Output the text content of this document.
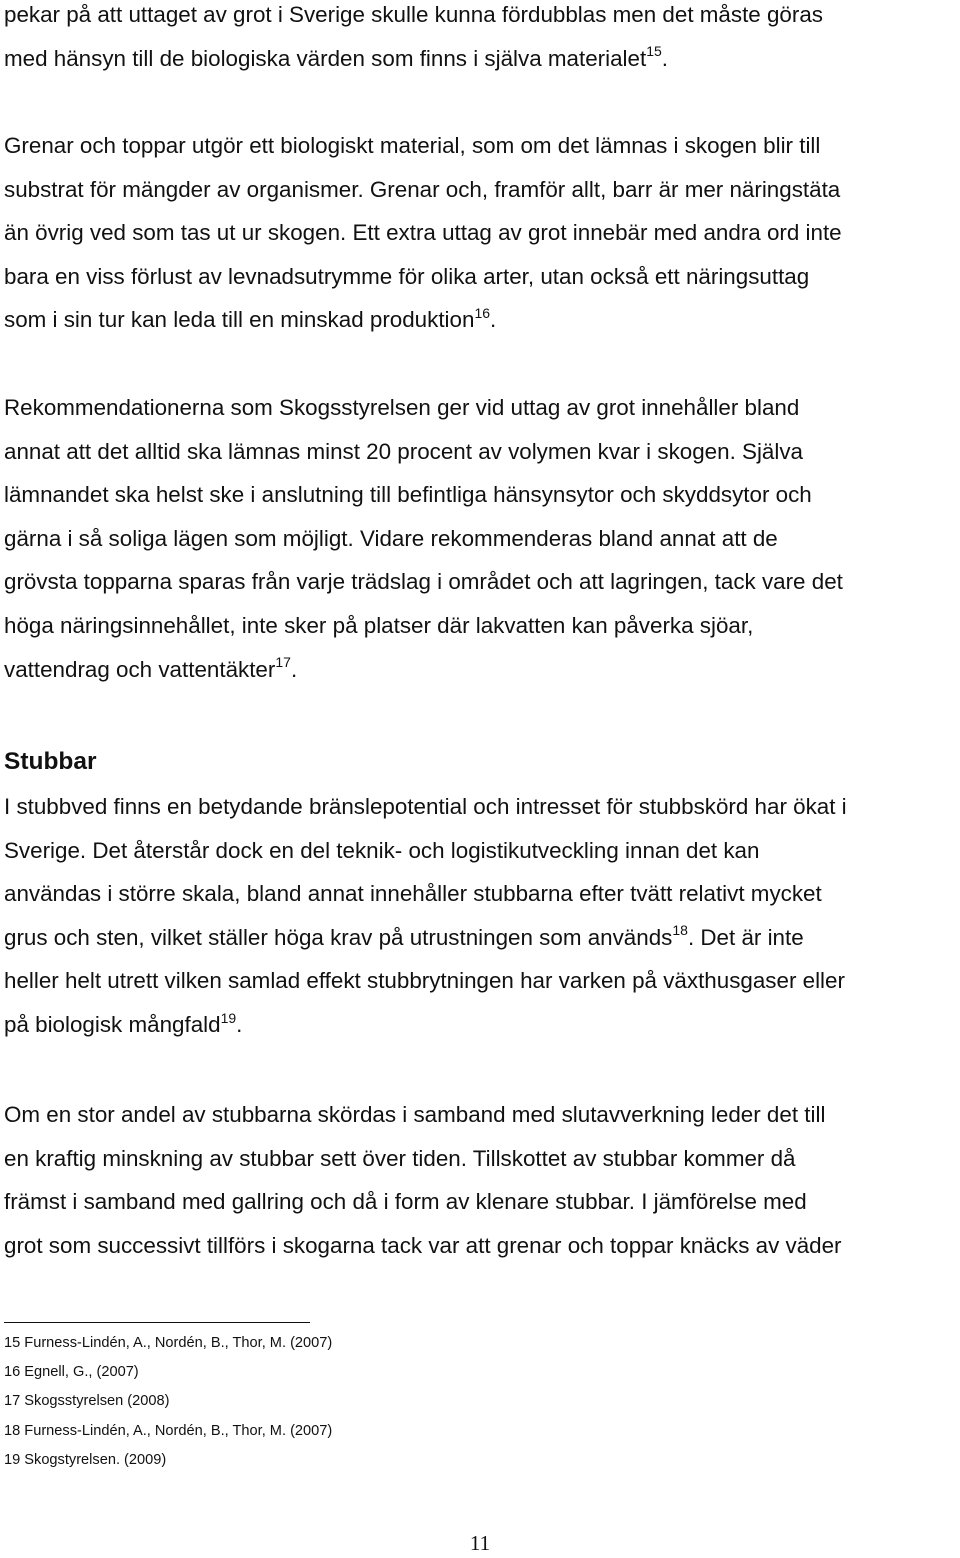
pekar på att uttaget av grot i Sverige skulle kunna fördubblas men det måste göras
med hänsyn till de biologiska värden som finns i själva materialet$^{15}$.

Grenar och toppar utgör ett biologiskt material, som om det lämnas i skogen blir till
substrat för mängder av organismer. Grenar och, framför allt, barr är mer näringstäta
än övrig ved som tas ut ur skogen. Ett extra uttag av grot innebär med andra ord inte
bara en viss förlust av levnadsutrymme för olika arter, utan också ett näringsuttag
som i sin tur kan leda till en minskad produktion$^{16}$.

Rekommendationerna som Skogsstyrelsen ger vid uttag av grot innehåller bland
annat att det alltid ska lämnas minst 20 procent av volymen kvar i skogen. Själva
lämnandet ska helst ske i anslutning till befintliga hänsynsytor och skyddsytor och
gärna i så soliga lägen som möjligt. Vidare rekommenderas bland annat att de
grövsta topparna sparas från varje trädslag i området och att lagringen, tack vare det
höga näringsinnehållet, inte sker på platser där lakvatten kan påverka sjöar,
vattendrag och vattentäkter$^{17}$.

Stubbar

I stubbved finns en betydande bränslepotential och intresset för stubbskörd har ökat i
Sverige. Det återstår dock en del teknik- och logistikutveckling innan det kan
användas i större skala, bland annat innehåller stubbarna efter tvätt relativt mycket
grus och sten, vilket ställer höga krav på utrustningen som används$^{18}$. Det är inte
heller helt utrett vilken samlad effekt stubbrytningen har varken på växthusgaser eller
på biologisk mångfald$^{19}$.

Om en stor andel av stubbarna skördas i samband med slutavverkning leder det till
en kraftig minskning av stubbar sett över tiden. Tillskottet av stubbar kommer då
främst i samband med gallring och då i form av klenare stubbar. I jämförelse med
grot som successivt tillförs i skogarna tack var att grenar och toppar knäcks av väder

15 Furness-Lindén, A., Nordén, B., Thor, M. (2007)
16 Egnell, G., (2007)
17 Skogsstyrelsen (2008)
18 Furness-Lindén, A., Nordén, B., Thor, M. (2007)
19 Skogstyrelsen. (2009)
11
